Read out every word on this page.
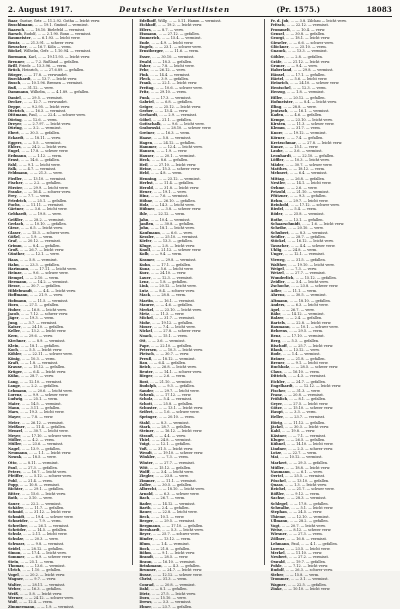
2. August 1917.	Deutsche Verlustlisten	(Pr. 1575.)	18083
Baar, Gustav, Grtr. — 11.2.92. Gotha — leicht verw.
Buschlmann, ... — 19.1. Gmünd — vermisst.
Baarsch, ... — 18.10. Bielefeld — vermisst.
Barsch, Rudolf, ... — 2.1.90. Bonn — vermisst.
Baumeister, ... — 6.1.93. — leicht verw.
Bentz, ... — 21.3.91. — schwer verw.
Beuscher, ... — 16.7. Köln — verm.
Böckel, Wilhelm, Gefr. — 1.10.94. — vermisst.
Bormann, Karl, ... — 19.11.93. — leicht verw.
Brenner, ... — 7.2. Rußland — gefallen.
Brill, Friedr. — 13.3.96. — verm.
Brück, Heinrich, ... — 27.6.89. — gefallen.
Bürger, ... — 17.8. — verwundet.
Burckhardt, ... — 13.7. — leicht verw.
Busch, ... — 10.1.96. Bremen — vermisst.
Buß, ... — 31.12. — verw.
Dammann, Wilhelm, ... — 4.1.89. — gefallen.
Daniel, ... — 29.5. — vermisst.
Decker, ... — 12.7. — verwundet.
Deppe, ... — 9.2.95. — leicht verw.
Dietrich, ... — 16.3. — vermisst.
Dittmann, Paul, ... — 22.4. — schwer verw.
Döring, ... — 12.6. — verm.
Dreyer, ... — 2.7.97. — leicht verw.
Düring, ... — 3.2. — vermisst.
Ebert, ... — 30.3. — gefallen.
Eckardt, ... — 18.11. — verw.
Eggers, ... — 5.5. — vermisst.
Ehlers, ... — 24.2. — leicht verw.
Engel, ... — 17.8. — schwer verw.
Erdmann, ... — 1.12. — verm.
Ernst, ... — 14.6. — gefallen.
Fahl, ... — 9.1. — leicht verw.
Falk, ... — 4.7. — vermisst.
Feldmann, ... — 21.3. — verw.
Fiedler, ... — 13.10. — vermisst.
Fischer, ... — 2.2. — gefallen.
Förster, ... — 29.9. — leicht verw.
Franke, ... — 16.4. — schwer verw.
Frey, ... — 7.7. — verm.
Friedrich, ... — 25.1. — gefallen.
Fuchs, ... — 11.11. — vermisst.
Gärtner, ... — 3.6. — leicht verw.
Gebhardt, ... — 19.8. — verw.
Geißler, ... — 28.2. — vermisst.
Gerlach, ... — 10.10. — gefallen.
Giese, ... — 6.5. — leicht verw.
Glaser, ... — 15.3. — schwer verw.
Gößel, ... — 1.9. — verm.
Graf, ... — 20.12. — vermisst.
Grimm, ... — 8.4. — gefallen.
Groß, ... — 26.7. — leicht verw.
Günther, ... — 12.1. — verw.
Haas, ... — 5.8. — vermisst.
Hahn, ... — 23.3. — gefallen.
Hartmann, ... — 17.11. — leicht verw.
Heinze, ... — 9.6. — schwer verw.
Hempel, ... — 2.10. — verm.
Hermann, ... — 14.2. — vermisst.
Hesse, ... — 30.7. — gefallen.
Hildebrandt, ... — 4.4. — leicht verw.
Hoffmann, ... — 21.9. — verw.
Hofmann, ... — 11.5. — vermisst.
Horn, ... — 27.1. — gefallen.
Huber, ... — 16.8. — leicht verw.
Jacob, ... — 7.12. — schwer verw.
Jäger, ... — 19.3. — verm.
Jung, ... — 3.7. — vermisst.
Kaiser, ... — 24.10. — gefallen.
Keller, ... — 13.2. — leicht verw.
Kern, ... — 29.6. — verw.
Kirchner, ... — 8.9. — vermisst.
Klein, ... — 18.1. — gefallen.
Koch, ... — 5.5. — leicht verw.
Köhler, ... — 22.11. — schwer verw.
König, ... — 10.3. — verm.
Kraft, ... — 1.8. — vermisst.
Krause, ... — 15.12. — gefallen.
Krüger, ... — 6.4. — leicht verw.
Kühn, ... — 28.7. — verw.
Lang, ... — 12.10. — vermisst.
Lange, ... — 2.2. — gefallen.
Lehmann, ... — 20.6. — leicht verw.
Lorenz, ... — 9.9. — schwer verw.
Ludwig, ... — 25.1. — verm.
Maier, ... — 14.5. — vermisst.
Mann, ... — 3.11. — gefallen.
Marx, ... — 19.3. — leicht verw.
Mayer, ... — 7.8. — verw.
Meier, ... — 26.12. — vermisst.
Meißner, ... — 11.4. — gefallen.
Menzel, ... — 30.7. — leicht verw.
Meyer, ... — 17.10. — schwer verw.
Möller, ... — 4.2. — verm.
Müller, ... — 23.6. — vermisst.
Nagel, ... — 13.9. — gefallen.
Neumann, ... — 1.1. — leicht verw.
Nowak, ... — 18.5. — verw.
Otto, ... — 8.11. — vermisst.
Paul, ... — 27.3. — gefallen.
Peters, ... — 16.7. — leicht verw.
Pfeiffer, ... — 5.12. — schwer verw.
Pohl, ... — 21.4. — verm.
Popp, ... — 10.8. — vermisst.
Richter, ... — 29.1. — gefallen.
Ritter, ... — 15.6. — leicht verw.
Roth, ... — 3.10. — verw.
Sauer, ... — 22.2. — vermisst.
Schäfer, ... — 11.7. — gefallen.
Schmid, ... — 31.12. — leicht verw.
Schmidt, ... — 19.4. — schwer verw.
Schneider, ... — 7.9. — verm.
Schreiber, ... — 26.1. — vermisst.
Schröder, ... — 14.5. — gefallen.
Schulz, ... — 2.11. — leicht verw.
Schulze, ... — 20.3. — verw.
Schwarz, ... — 9.8. — vermisst.
Seidel, ... — 28.12. — gefallen.
Simon, ... — 17.4. — leicht verw.
Sommer, ... — 6.9. — schwer verw.
Stein, ... — 25.1. — verm.
Thomas, ... — 13.6. — vermisst.
Ulrich, ... — 1.10. — gefallen.
Vogel, ... — 20.2. — leicht verw.
Wagner, ... — 9.7. — verw.
Walter, ... — 28.11. — vermisst.
Weber, ... — 16.3. — gefallen.
Weiß, ... — 5.8. — leicht verw.
Werner, ... — 24.12. — schwer verw.
Wolf, ... — 12.4. — verm.
Zimmermann, ... — 1.9. — vermisst.
Edelhoff, Willy, ... — 5.11. Hamm — vermisst.
Eickhoff, ... — 19.2. — leicht verw.
Eilers, ... — 8.7. — verw.
Eismann, ... — 27.12. — gefallen.
Emmerich, ... — 15.4. — vermisst.
Ende, ... — 4.9. — leicht verw.
Engels, ... — 23.1. — schwer verw.
Ernstberger, ... — 11.6. — verm.
Esser, ... — 30.10. — vermisst.
Ewald, ... — 18.3. — gefallen.
Faber, ... — 7.8. — leicht verw.
Fehr, ... — 26.12. — verw.
Fink, ... — 14.4. — vermisst.
Fleck, ... — 3.9. — gefallen.
Frank, ... — 22.1. — leicht verw.
Freitag, ... — 10.6. — schwer verw.
Fritz, ... — 29.10. — verm.
Funk, ... — 17.3. — vermisst.
Gabriel, ... — 6.8. — gefallen.
Geiger, ... — 25.12. — leicht verw.
Gerber, ... — 13.4. — verw.
Gerhardt, ... — 2.9. — vermisst.
Göbel, ... — 21.1. — gefallen.
Gottschalk, ... — 9.6. — leicht verw.
Grabowski, ... — 28.10. — schwer verw.
Greiner, ... — 16.3. — verm.
Haase, ... — 5.8. — vermisst.
Hagen, ... — 24.12. — gefallen.
Hammer, ... — 12.4. — leicht verw.
Hansen, ... — 1.9. — verw.
Hauser, ... — 20.1. — vermisst.
Heck, ... — 8.6. — gefallen.
Heil, ... — 27.10. — leicht verw.
Heine, ... — 15.3. — schwer verw.
Held, ... — 4.8. — verm.
Henning, ... — 23.12. — vermisst.
Herbst, ... — 11.4. — gefallen.
Herold, ... — 31.8. — leicht verw.
Heuer, ... — 19.1. — verw.
Hinz, ... — 7.6. — vermisst.
Höhne, ... — 26.10. — gefallen.
Holz, ... — 14.3. — leicht verw.
Hübner, ... — 3.8. — schwer verw.
Ihle, ... — 22.12. — verm.
Jahn, ... — 10.4. — vermisst.
Janßen, ... — 30.8. — gefallen.
John, ... — 18.1. — leicht verw.
Kaufmann, ... — 6.6. — verw.
Kessler, ... — 25.10. — vermisst.
Kiefer, ... — 13.3. — gefallen.
Kluge, ... — 2.8. — leicht verw.
Knoll, ... — 21.12. — schwer verw.
Kolb, ... — 9.4. — verm.
Kramer, ... — 29.8. — vermisst.
Kuhn, ... — 17.1. — gefallen.
Kunz, ... — 5.6. — leicht verw.
Kurz, ... — 24.10. — verw.
Lauer, ... — 12.3. — vermisst.
Lenz, ... — 1.8. — gefallen.
Link, ... — 20.12. — leicht verw.
Lutz, ... — 8.4. — schwer verw.
Mack, ... — 28.8. — verm.
Martin, ... — 16.1. — vermisst.
Maurer, ... — 4.6. — gefallen.
Merkel, ... — 23.10. — leicht verw.
Metz, ... — 11.3. — verw.
Michel, ... — 31.7. — vermisst.
Mohr, ... — 19.12. — gefallen.
Moser, ... — 7.4. — leicht verw.
Nickel, ... — 27.8. — schwer verw.
Noack, ... — 15.1. — verm.
Ott, ... — 3.6. — vermisst.
Pape, ... — 22.10. — gefallen.
Petersen, ... — 10.3. — leicht verw.
Pietsch, ... — 30.7. — verw.
Preuß, ... — 18.12. — vermisst.
Rau, ... — 6.4. — gefallen.
Reich, ... — 26.8. — leicht verw.
Reuter, ... — 14.1. — schwer verw.
Rieger, ... — 2.6. — verm.
Rost, ... — 21.10. — vermisst.
Rudolph, ... — 9.3. — gefallen.
Sander, ... — 29.7. — leicht verw.
Schenk, ... — 17.12. — verw.
Scholz, ... — 5.4. — vermisst.
Schott, ... — 25.8. — gefallen.
Schuster, ... — 13.1. — leicht verw.
Seifert, ... — 1.6. — schwer verw.
Springer, ... — 20.10. — verm.
Stahl, ... — 8.3. — vermisst.
Stark, ... — 28.7. — gefallen.
Steiner, ... — 16.12. — leicht verw.
Strauß, ... — 4.4. — verw.
Thiel, ... — 24.8. — vermisst.
Voigt, ... — 12.1. — gefallen.
Voß, ... — 31.5. — leicht verw.
Wendt, ... — 19.10. — schwer verw.
Winkler, ... — 7.3. — verm.
Winter, ... — 27.7. — vermisst.
Witt, ... — 15.12. — gefallen.
Wolff, ... — 3.4. — leicht verw.
Ziegler, ... — 23.8. — verw.
Zimmer, ... — 11.1. — vermisst.
Zoller, ... — 30.5. — gefallen.
Albrecht, ... — 18.10. — leicht verw.
Arnold, ... — 6.3. — schwer verw.
Bach, ... — 26.7. — verm.
Bader, ... — 14.12. — vermisst.
Barth, ... — 2.4. — gefallen.
Bauer, ... — 22.8. — leicht verw.
Beck, ... — 10.1. — verw.
Berger, ... — 29.5. — vermisst.
Bergmann, ... — 17.10. — gefallen.
Bernhardt, ... — 5.3. — leicht verw.
Beyer, ... — 25.7. — schwer verw.
Binder, ... — 13.12. — verm.
Blum, ... — 1.4. — vermisst.
Bock, ... — 21.8. — gefallen.
Böhm, ... — 9.1. — leicht verw.
Brandt, ... — 28.5. — verw.
Braun, ... — 16.10. — vermisst.
Brinkmann, ... — 4.3. — gefallen.
Brunner, ... — 24.7. — leicht verw.
Busse, ... — 12.12. — schwer verw.
Christ, ... — 31.3. — verm.
Conrad, ... — 20.8. — vermisst.
Dahl, ... — 8.1. — gefallen.
Dietz, ... — 27.5. — leicht verw.
Dorn, ... — 15.10. — verw.
Drews, ... — 3.3. — vermisst.
Ebner, ... — 23.7. — gefallen.
Fr. d. Job, ... — 3.8. Zilchau — leicht verw.
Fritsch, ... — 22.12. — vermisst.
Frommelt, ... — 10.4. — verw.
Gensel, ... — 30.8. — gefallen.
Georgi, ... — 18.1. — leicht verw.
Gieseler, ... — 6.6. — schwer verw.
Glöckner, ... — 25.10. — verm.
Gnauck, ... — 13.3. — vermisst.
Göhler, ... — 2.8. — gefallen.
Gräfe, ... — 21.12. — leicht verw.
Gruner, ... — 9.4. — verw.
Haberland, ... — 29.8. — vermisst.
Hänsel, ... — 17.1. — gefallen.
Härtel, ... — 5.6. — leicht verw.
Heinrich, ... — 24.10. — schwer verw.
Hentschel, ... — 12.3. — verm.
Herzog, ... — 1.8. — vermisst.
Hiller, ... — 20.12. — gefallen.
Hofmeister, ... — 8.4. — leicht verw.
Illing, ... — 28.8. — verw.
Jentzsch, ... — 16.1. — vermisst.
Kaden, ... — 4.6. — gefallen.
Kempe, ... — 23.10. — leicht verw.
Kirsten, ... — 11.3. — schwer verw.
Klemm, ... — 31.7. — verm.
Knorr, ... — 19.12. — vermisst.
Körner, ... — 7.4. — gefallen.
Kretzschmar, ... — 27.8. — leicht verw.
Kunze, ... — 15.1. — verw.
Laube, ... — 3.6. — vermisst.
Leonhardt, ... — 22.10. — gefallen.
Löffler, ... — 10.3. — leicht verw.
Mäder, ... — 30.7. — schwer verw.
Matthes, ... — 18.12. — verm.
Mehnert, ... — 6.4. — vermisst.
Mittag, ... — 26.8. — gefallen.
Nestler, ... — 14.1. — leicht verw.
Oehme, ... — 2.6. — verw.
Petzold, ... — 21.10. — vermisst.
Pfützner, ... — 9.3. — gefallen.
Rehm, ... — 29.7. — leicht verw.
Reinhold, ... — 17.12. — schwer verw.
Riedel, ... — 5.4. — verm.
Röder, ... — 25.8. — vermisst.
Rothe, ... — 13.1. — gefallen.
Schaarschmidt, ... — 1.6. — leicht verw.
Scheibe, ... — 20.10. — verw.
Schubert, ... — 8.3. — vermisst.
Seidler, ... — 28.7. — gefallen.
Stöckel, ... — 16.12. — leicht verw.
Tauscher, ... — 4.4. — schwer verw.
Uhlig, ... — 24.8. — verm.
Unger, ... — 12.1. — vermisst.
Vieweg, ... — 31.5. — gefallen.
Walther, ... — 19.10. — leicht verw.
Weigel, ... — 7.3. — verw.
Wetzel, ... — 27.7. — vermisst.
Wunderlich, ... — 15.12. — gefallen.
Zeidler, ... — 3.4. — leicht verw.
Zschoche, ... — 23.8. — schwer verw.
Adler, ... — 11.1. — verm.
Ahrens, ... — 30.5. — vermisst.
Altmann, ... — 18.10. — gefallen.
Anders, ... — 6.3. — leicht verw.
Apel, ... — 26.7. — verw.
Bähr, ... — 14.12. — vermisst.
Balzer, ... — 2.4. — gefallen.
Bartels, ... — 22.8. — leicht verw.
Baumann, ... — 10.1. — schwer verw.
Behrens, ... — 29.5. — verm.
Benz, ... — 17.10. — vermisst.
Berg, ... — 5.3. — gefallen.
Bischoff, ... — 25.7. — leicht verw.
Blank, ... — 13.12. — verw.
Bode, ... — 1.4. — vermisst.
Bräuer, ... — 21.8. — gefallen.
Breuer, ... — 9.1. — leicht verw.
Buchholz, ... — 28.5. — schwer verw.
Claus, ... — 16.10. — verm.
Dittrich, ... — 4.3. — vermisst.
Eichler, ... — 24.7. — gefallen.
Engelhardt, ... — 12.12. — leicht verw.
Fischer, ... — 31.3. — verw.
Franz, ... — 20.8. — vermisst.
Fröhlich, ... — 8.1. — gefallen.
Geyer, ... — 27.5. — leicht verw.
Götze, ... — 15.10. — schwer verw.
Haupt, ... — 3.3. — verm.
Heller, ... — 23.7. — vermisst.
Hörig, ... — 11.12. — gefallen.
Jäckel, ... — 30.3. — leicht verw.
Kahl, ... — 19.8. — verw.
Kästner, ... — 7.1. — vermisst.
Kluger, ... — 26.5. — gefallen.
Kühnel, ... — 14.10. — leicht verw.
Lindner, ... — 2.3. — schwer verw.
Lotze, ... — 22.7. — verm.
Mai, ... — 10.12. — vermisst.
Markert, ... — 29.3. — gefallen.
Müller, ... — 18.8. — leicht verw.
Naumann, ... — 6.1. — verw.
Oertel, ... — 25.5. — vermisst.
Pöschel, ... — 13.10. — gefallen.
Quaas, ... — 1.3. — leicht verw.
Reichel, ... — 21.7. — schwer verw.
Rößler, ... — 9.12. — verm.
Sachse, ... — 28.3. — vermisst.
Schlegel, ... — 17.8. — gefallen.
Schwalbe, ... — 5.1. — leicht verw.
Stephan, ... — 24.5. — verw.
Thieme, ... — 12.10. — vermisst.
Ullmann, ... — 28.2. — gefallen.
Vogt, ... — 20.7. — leicht verw.
Weise, ... — 8.12. — schwer verw.
Wiesner, ... — 27.3. — verm.
Zöllner, ... — 16.8. — vermisst.
Lehmann, Paul, ... — 4.1. — gefallen.
Lorenz, ... — 23.5. — leicht verw.
Merkel, ... — 11.10. — verw.
Neubert, ... — 27.2. — vermisst.
Oswald, ... — 19.7. — gefallen.
Pohle, ... — 7.12. — leicht verw.
Rudolf, ... — 26.3. — schwer verw.
Sieber, ... — 15.8. — verm.
Trommer, ... — 3.1. — vermisst.
Wagner, ... — 22.5. — gefallen.
Zinke, ... — 10.10. — leicht verw.
